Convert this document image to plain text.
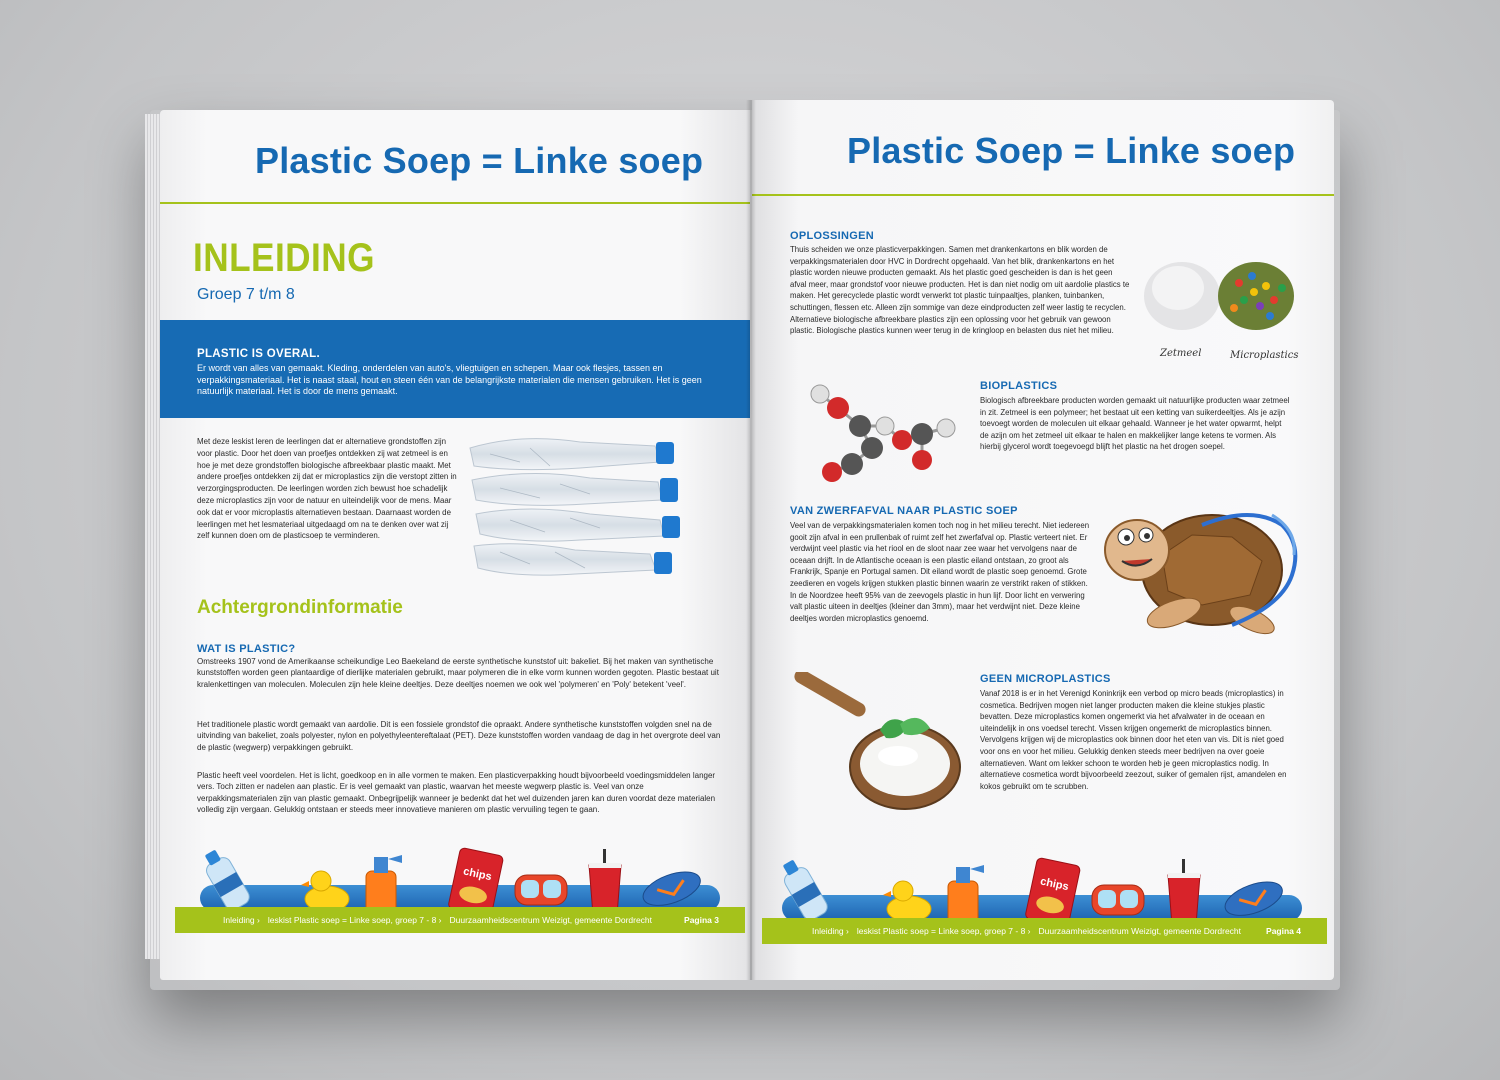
Plastic Soep = Linke soep
INLEIDING
Groep 7 t/m 8
PLASTIC IS OVERAL.
Er wordt van alles van gemaakt. Kleding, onderdelen van auto's, vliegtuigen en schepen. Maar ook flesjes, tassen en verpakkingsmateriaal. Het is naast staal, hout en steen één van de belangrijkste materialen die mensen gebruiken. Het is geen natuurlijk materiaal. Het is door de mens gemaakt.
Met deze leskist leren de leerlingen dat er alternatieve grondstoffen zijn voor plastic. Door het doen van proefjes ontdekken zij wat zetmeel is en hoe je met deze grondstoffen biologische afbreekbaar plastic maakt. Met andere proefjes ontdekken zij dat er microplastics zijn die verstopt zitten in verzorgingsproducten. De leerlingen worden zich bewust hoe schadelijk deze microplastics zijn voor de natuur en uiteindelijk voor de mens. Maar ook dat er voor microplastis alternatieven bestaan. Daarnaast worden de leerlingen met het lesmateriaal uitgedaagd om na te denken over wat zij zelf kunnen doen om de plasticsoep te verminderen.
Achtergrondinformatie
WAT IS PLASTIC?
Omstreeks 1907 vond de Amerikaanse scheikundige Leo Baekeland de eerste synthetische kunststof uit: bakeliet. Bij het maken van synthetische kunststoffen worden geen plantaardige of dierlijke materialen gebruikt, maar polymeren die in elke vorm kunnen worden gegoten. Plastic bestaat uit kralenkettingen van moleculen. Moleculen zijn hele kleine deeltjes. Deze deeltjes noemen we ook wel 'polymeren' en 'Poly' betekent 'veel'.
Het traditionele plastic wordt gemaakt van aardolie. Dit is een fossiele grondstof die opraakt. Andere synthetische kunststoffen volgden snel na de uitvinding van bakeliet, zoals polyester, nylon en polyethyleentereftalaat (PET). Deze kunststoffen worden vandaag de dag in het overgrote deel van de plastic (wegwerp) verpakkingen gebruikt.
Plastic heeft veel voordelen. Het is licht, goedkoop en in alle vormen te maken. Een plasticverpakking houdt bijvoorbeeld voedingsmiddelen langer vers. Toch zitten er nadelen aan plastic. Er is veel gemaakt van plastic, waarvan het meeste wegwerp plastic is. Veel van onze verpakkingsmaterialen zijn van plastic gemaakt. Onbegrijpelijk wanneer je bedenkt dat het wel duizenden jaren kan duren voordat deze materialen volledig zijn vergaan. Gelukkig ontstaan er steeds meer innovatieve manieren om plastic vervuiling tegen te gaan.
chips
Inleiding › leskist Plastic soep = Linke soep, groep 7 - 8 › Duurzaamheidscentrum Weizigt, gemeente Dordrecht	Pagina 3
Plastic Soep = Linke soep
OPLOSSINGEN
Thuis scheiden we onze plasticverpakkingen. Samen met drankenkartons en blik worden de verpakkingsmaterialen door HVC in Dordrecht opgehaald. Van het blik, drankenkartons en het plastic worden nieuwe producten gemaakt. Als het plastic goed gescheiden is dan is het geen afval meer, maar grondstof voor nieuwe producten. Het is dan niet nodig om uit aardolie plastics te maken. Het gerecyclede plastic wordt verwerkt tot plastic tuinpaaltjes, planken, tuinbanken, schuttingen, flessen etc. Alleen zijn sommige van deze eindproducten zelf weer lastig te recyclen. Alternatieve biologische afbreekbare plastics zijn een oplossing voor het gebruik van gewoon plastic. Biologische plastics kunnen weer terug in de kringloop en belasten dus niet het milieu.
Zetmeel	Microplastics
BIOPLASTICS
Biologisch afbreekbare producten worden gemaakt uit natuurlijke producten waar zetmeel in zit. Zetmeel is een polymeer; het bestaat uit een ketting van suikerdeeltjes. Als je azijn toevoegt worden de moleculen uit elkaar gehaald. Wanneer je het water opwarmt, helpt de azijn om het zetmeel uit elkaar te halen en makkelijker lange ketens te vormen. Als hierbij glycerol wordt toegevoegd blijft het plastic na het drogen soepel.
VAN ZWERFAFVAL NAAR PLASTIC SOEP
Veel van de verpakkingsmaterialen komen toch nog in het milieu terecht. Niet iedereen gooit zijn afval in een prullenbak of ruimt zelf het zwerfafval op. Plastic verteert niet. Er verdwijnt veel plastic via het riool en de sloot naar zee waar het vervolgens naar de oceaan drijft. In de Atlantische oceaan is een plastic eiland ontstaan, zo groot als Frankrijk, Spanje en Portugal samen. Dit eiland wordt de plastic soep genoemd. Grote zeedieren en vogels krijgen stukken plastic binnen waarin ze verstrikt raken of stikken. In de Noordzee heeft 95% van de zeevogels plastic in hun lijf. Door licht en verwering valt plastic uiteen in deeltjes (kleiner dan 3mm), maar het verdwijnt niet. Deze kleine deeltjes worden microplastics genoemd.
GEEN MICROPLASTICS
Vanaf 2018 is er in het Verenigd Koninkrijk een verbod op micro beads (microplastics) in cosmetica. Bedrijven mogen niet langer producten maken die kleine stukjes plastic bevatten. Deze microplastics komen ongemerkt via het afvalwater in de oceaan en uiteindelijk in ons voedsel terecht. Vissen krijgen ongemerkt de microplastics binnen. Vervolgens krijgen wij de microplastics ook binnen door het eten van vis. Dit is niet goed voor ons en voor het milieu. Gelukkig denken steeds meer bedrijven na over goeie alternatieven. Want om lekker schoon te worden heb je geen microplastics nodig. In alternatieve cosmetica wordt bijvoorbeeld zeezout, suiker of gemalen rijst, amandelen en kokos gebruikt om te scrubben.
chips
Inleiding › leskist Plastic soep = Linke soep, groep 7 - 8 › Duurzaamheidscentrum Weizigt, gemeente Dordrecht	Pagina 4
